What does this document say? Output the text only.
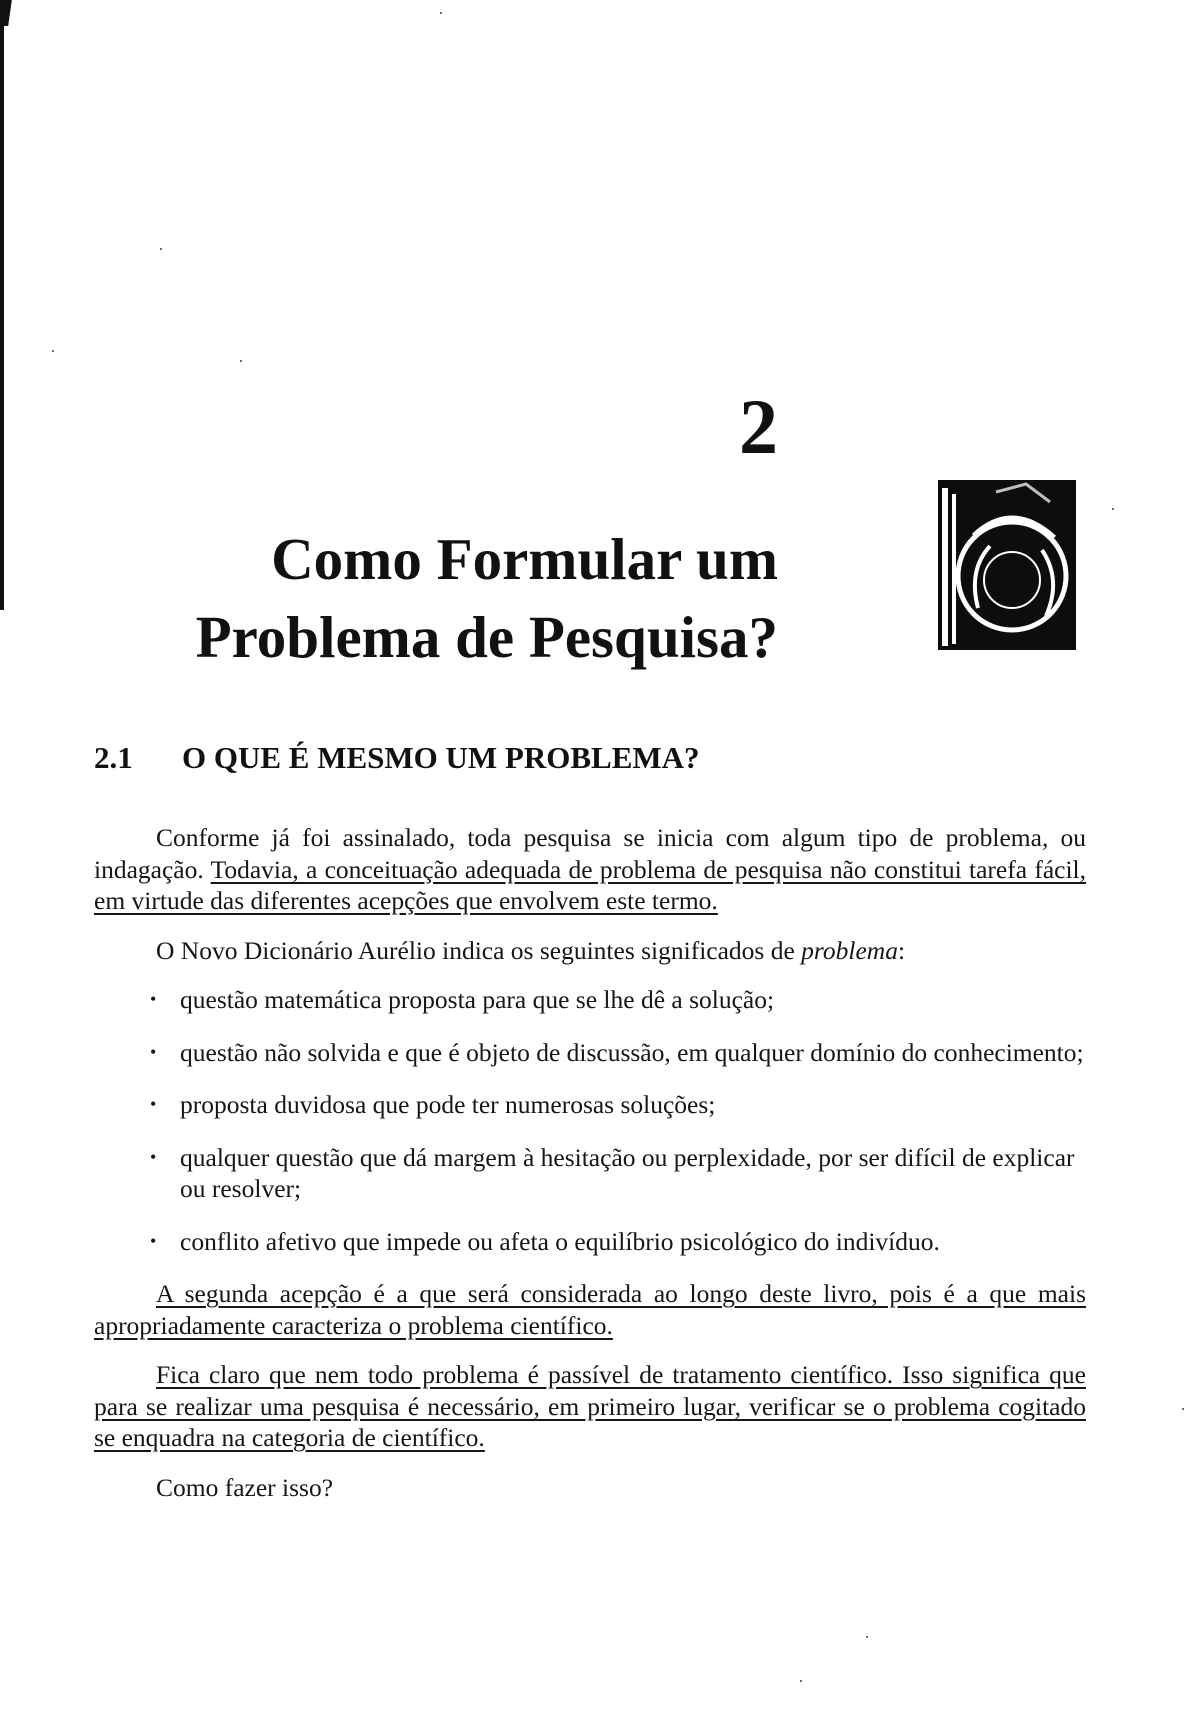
2
Como Formular um
Problema de Pesquisa?
2.1 O QUE É MESMO UM PROBLEMA?

Conforme já foi assinalado, toda pesquisa se inicia com algum tipo de problema, ou indagação. Todavia, a conceituação adequada de problema de pesquisa não constitui tarefa fácil, em virtude das diferentes acepções que envolvem este termo.

O Novo Dicionário Aurélio indica os seguintes significados de problema:

• questão matemática proposta para que se lhe dê a solução;
• questão não solvida e que é objeto de discussão, em qualquer domínio do conhecimento;
• proposta duvidosa que pode ter numerosas soluções;
• qualquer questão que dá margem à hesitação ou perplexidade, por ser difícil de explicar ou resolver;
• conflito afetivo que impede ou afeta o equilíbrio psicológico do indivíduo.

A segunda acepção é a que será considerada ao longo deste livro, pois é a que mais apropriadamente caracteriza o problema científico.

Fica claro que nem todo problema é passível de tratamento científico. Isso significa que para se realizar uma pesquisa é necessário, em primeiro lugar, verificar se o problema cogitado se enquadra na categoria de científico.

Como fazer isso?
